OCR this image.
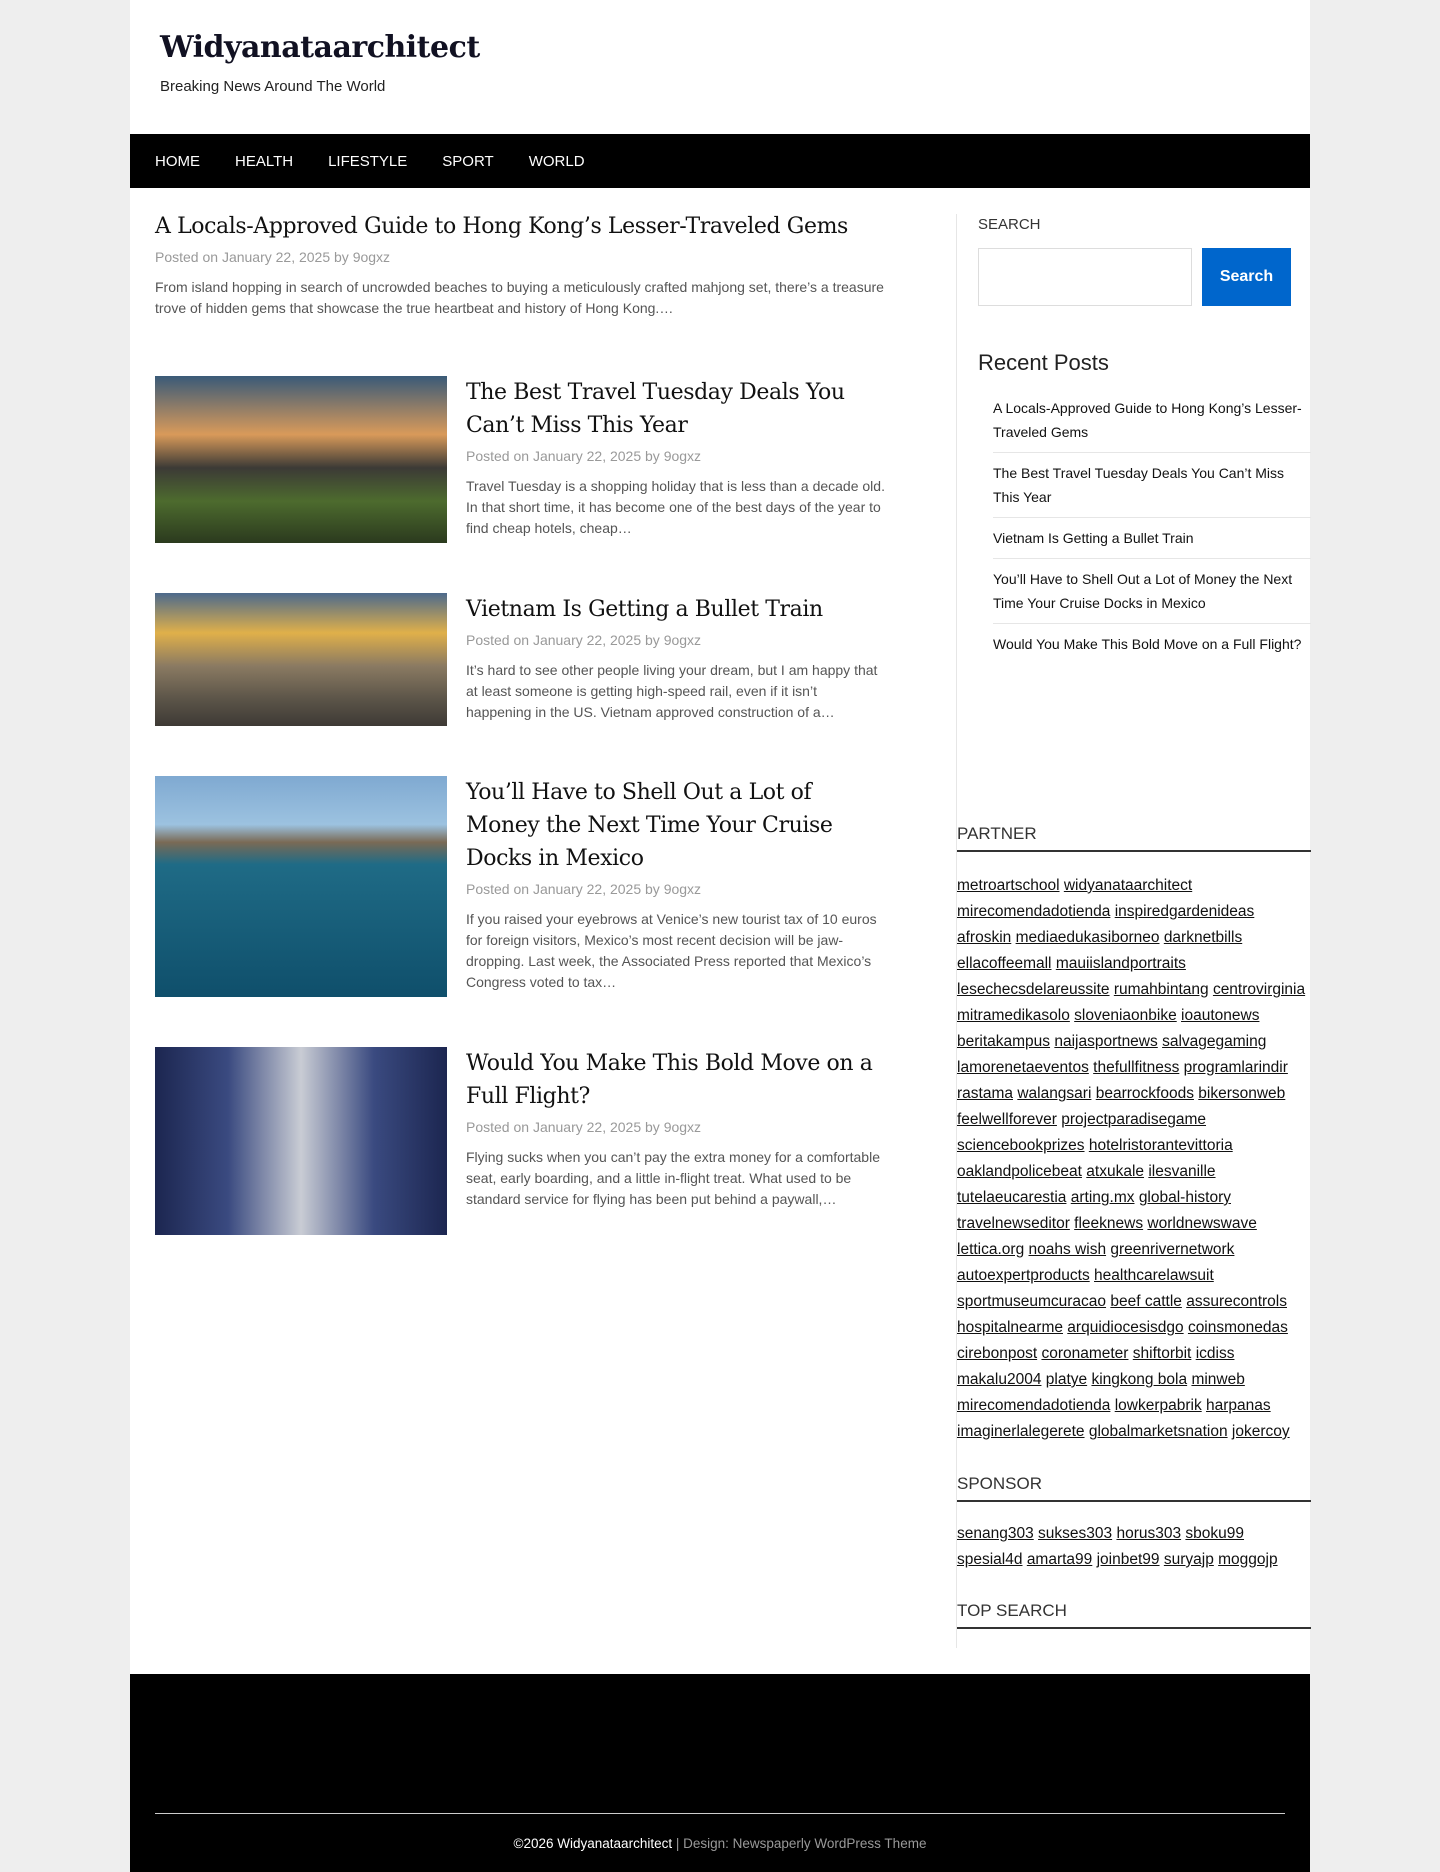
Widyanataarchitect
Breaking News Around The World
HOME HEALTH LIFESTYLE SPORT WORLD
A Locals-Approved Guide to Hong Kong’s Lesser-Traveled Gems
Posted on January 22, 2025 by 9ogxz
From island hopping in search of uncrowded beaches to buying a meticulously crafted mahjong set, there’s a treasure trove of hidden gems that showcase the true heartbeat and history of Hong Kong.…
The Best Travel Tuesday Deals You Can’t Miss This Year
Posted on January 22, 2025 by 9ogxz
Travel Tuesday is a shopping holiday that is less than a decade old. In that short time, it has become one of the best days of the year to find cheap hotels, cheap…
Vietnam Is Getting a Bullet Train
Posted on January 22, 2025 by 9ogxz
It’s hard to see other people living your dream, but I am happy that at least someone is getting high-speed rail, even if it isn’t happening in the US. Vietnam approved construction of a…
You’ll Have to Shell Out a Lot of Money the Next Time Your Cruise Docks in Mexico
Posted on January 22, 2025 by 9ogxz
If you raised your eyebrows at Venice’s new tourist tax of 10 euros for foreign visitors, Mexico’s most recent decision will be jaw-dropping. Last week, the Associated Press reported that Mexico’s Congress voted to tax…
Would You Make This Bold Move on a Full Flight?
Posted on January 22, 2025 by 9ogxz
Flying sucks when you can’t pay the extra money for a comfortable seat, early boarding, and a little in-flight treat. What used to be standard service for flying has been put behind a paywall,…
SEARCH
Search
Recent Posts
A Locals-Approved Guide to Hong Kong’s Lesser-Traveled Gems
The Best Travel Tuesday Deals You Can’t Miss This Year
Vietnam Is Getting a Bullet Train
You’ll Have to Shell Out a Lot of Money the Next Time Your Cruise Docks in Mexico
Would You Make This Bold Move on a Full Flight?
PARTNER
metroartschool widyanataarchitect mirecomendadotienda inspiredgardenideas afroskin mediaedukasiborneo darknetbills ellacoffeemall mauiislandportraits lesechecsdelareussite rumahbintang centrovirginia mitramedikasolo sloveniaonbike ioautonews beritakampus naijasportnews salvagegaming lamorenetaeventos thefullfitness programlarindir rastama walangsari bearrockfoods bikersonweb feelwellforever projectparadisegame sciencebookprizes hotelristorantevittoria oaklandpolicebeat atxukale ilesvanille tutelaeucarestia arting.mx global-history travelnewseditor fleeknews worldnewswave lettica.org noahs wish greenrivernetwork autoexpertproducts healthcarelawsuit sportmuseumcuracao beef cattle assurecontrols hospitalnearme arquidiocesisdgo coinsmonedas cirebonpost coronameter shiftorbit icdiss makalu2004 platye kingkong bola minweb mirecomendadotienda lowkerpabrik harpanas imaginerlalegerete globalmarketsnation jokercoy
SPONSOR
senang303 sukses303 horus303 sboku99 spesial4d amarta99 joinbet99 suryajp moggojp
TOP SEARCH
©2026 Widyanataarchitect | Design: Newspaperly WordPress Theme
